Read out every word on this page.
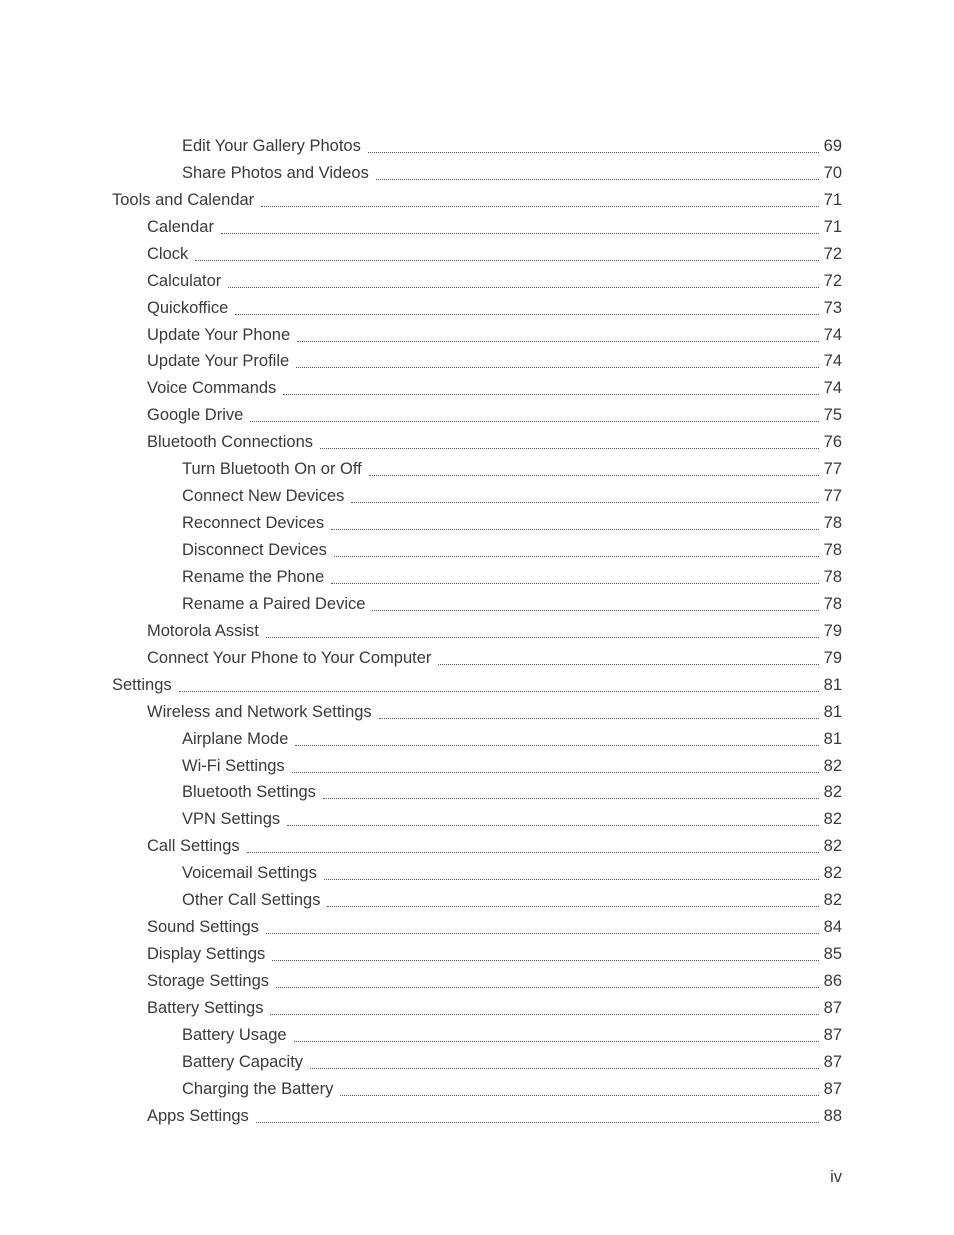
Edit Your Gallery Photos	69
Share Photos and Videos	70
Tools and Calendar	71
Calendar	71
Clock	72
Calculator	72
Quickoffice	73
Update Your Phone	74
Update Your Profile	74
Voice Commands	74
Google Drive	75
Bluetooth Connections	76
Turn Bluetooth On or Off	77
Connect New Devices	77
Reconnect Devices	78
Disconnect Devices	78
Rename the Phone	78
Rename a Paired Device	78
Motorola Assist	79
Connect Your Phone to Your Computer	79
Settings	81
Wireless and Network Settings	81
Airplane Mode	81
Wi-Fi Settings	82
Bluetooth Settings	82
VPN Settings	82
Call Settings	82
Voicemail Settings	82
Other Call Settings	82
Sound Settings	84
Display Settings	85
Storage Settings	86
Battery Settings	87
Battery Usage	87
Battery Capacity	87
Charging the Battery	87
Apps Settings	88
iv
